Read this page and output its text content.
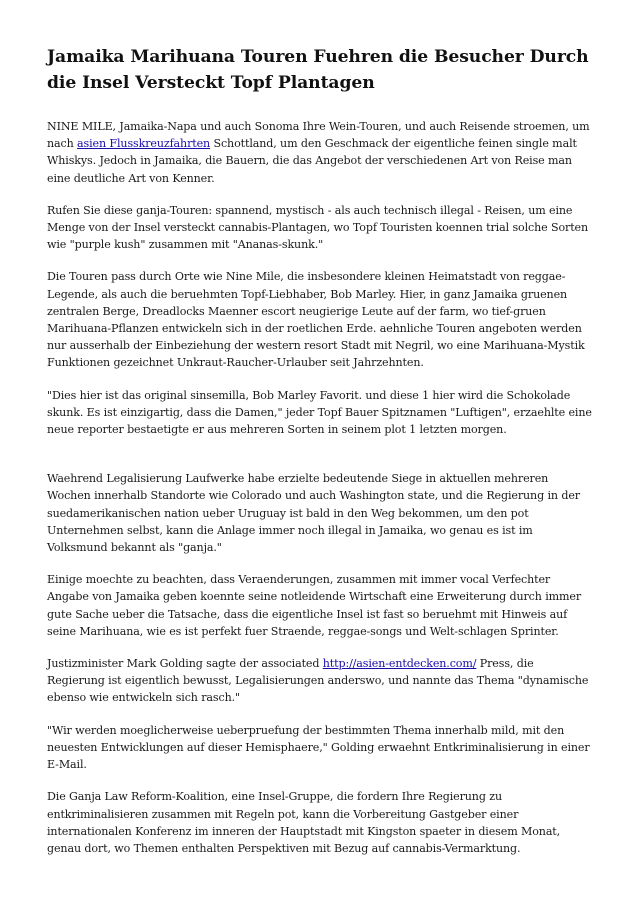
Jamaika Marihuana Touren Fuehren die Besucher Durch die Insel Versteckt Topf Plantagen

NINE MILE, Jamaika-Napa und auch Sonoma Ihre Wein-Touren, und auch Reisende stroemen, um nach asien Flusskreuzfahrten Schottland, um den Geschmack der eigentliche feinen single malt Whiskys. Jedoch in Jamaika, die Bauern, die das Angebot der verschiedenen Art von Reise man eine deutliche Art von Kenner.

Rufen Sie diese ganja-Touren: spannend, mystisch - als auch technisch illegal - Reisen, um eine Menge von der Insel versteckt cannabis-Plantagen, wo Topf Touristen koennen trial solche Sorten wie "purple kush" zusammen mit "Ananas-skunk."

Die Touren pass durch Orte wie Nine Mile, die insbesondere kleinen Heimatstadt von reggae-Legende, als auch die beruehmten Topf-Liebhaber, Bob Marley. Hier, in ganz Jamaika gruenen zentralen Berge, Dreadlocks Maenner escort neugierige Leute auf der farm, wo tief-gruen Marihuana-Pflanzen entwickeln sich in der roetlichen Erde. aehnliche Touren angeboten werden nur ausserhalb der Einbeziehung der western resort Stadt mit Negril, wo eine Marihuana-Mystik Funktionen gezeichnet Unkraut-Raucher-Urlauber seit Jahrzehnten.

"Dies hier ist das original sinsemilla, Bob Marley Favorit. und diese 1 hier wird die Schokolade skunk. Es ist einzigartig, dass die Damen," jeder Topf Bauer Spitznamen "Luftigen", erzaehlte eine neue reporter bestaetigte er aus mehreren Sorten in seinem plot 1 letzten morgen.

Waehrend Legalisierung Laufwerke habe erzielte bedeutende Siege in aktuellen mehreren Wochen innerhalb Standorte wie Colorado und auch Washington state, und die Regierung in der suedamerikanischen nation ueber Uruguay ist bald in den Weg bekommen, um den pot Unternehmen selbst, kann die Anlage immer noch illegal in Jamaika, wo genau es ist im Volksmund bekannt als "ganja."

Einige moechte zu beachten, dass Veraenderungen, zusammen mit immer vocal Verfechter Angabe von Jamaika geben koennte seine notleidende Wirtschaft eine Erweiterung durch immer gute Sache ueber die Tatsache, dass die eigentliche Insel ist fast so beruehmt mit Hinweis auf seine Marihuana, wie es ist perfekt fuer Straende, reggae-songs und Welt-schlagen Sprinter.

Justizminister Mark Golding sagte der associated http://asien-entdecken.com/ Press, die Regierung ist eigentlich bewusst, Legalisierungen anderswo, und nannte das Thema "dynamische ebenso wie entwickeln sich rasch."

"Wir werden moeglicherweise ueberpruefung der bestimmten Thema innerhalb mild, mit den neuesten Entwicklungen auf dieser Hemisphaere," Golding erwaehnt Entkriminalisierung in einer E-Mail.

Die Ganja Law Reform-Koalition, eine Insel-Gruppe, die fordern Ihre Regierung zu entkriminalisieren zusammen mit Regeln pot, kann die Vorbereitung Gastgeber einer internationalen Konferenz im inneren der Hauptstadt mit Kingston spaeter in diesem Monat, genau dort, wo Themen enthalten Perspektiven mit Bezug auf cannabis-Vermarktung.
